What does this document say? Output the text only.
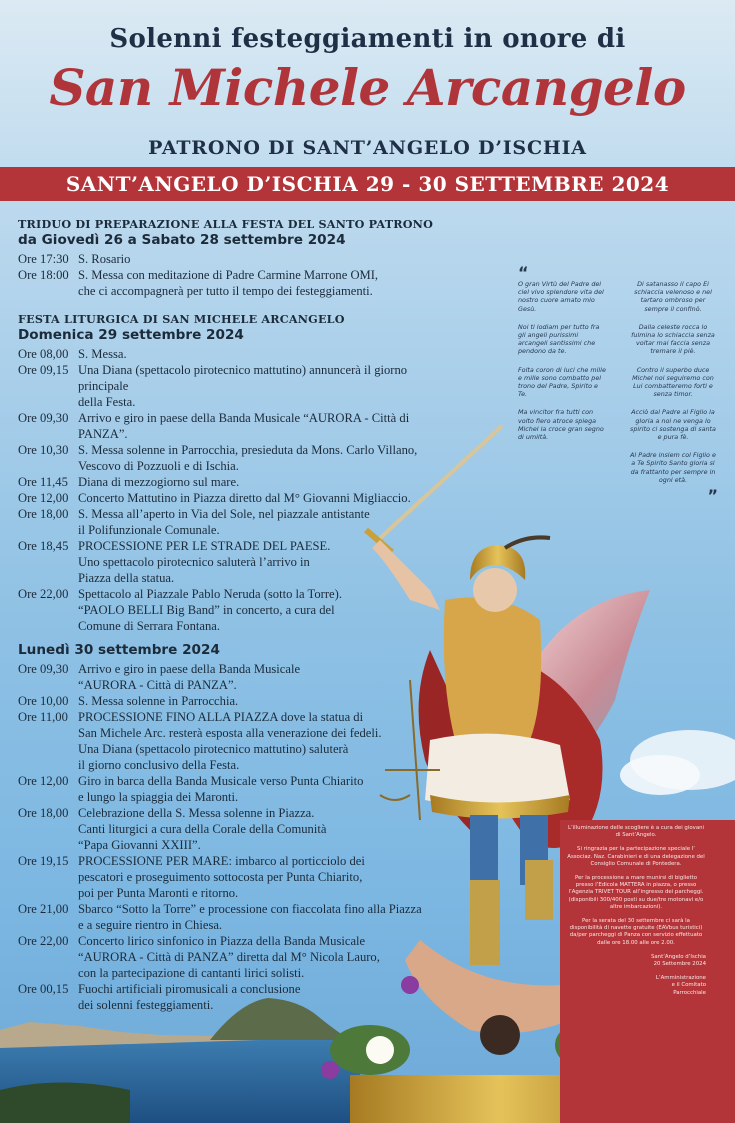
Solenni festeggiamenti in onore di
San Michele Arcangelo
PATRONO DI SANT’ANGELO D’ISCHIA
SANT’ANGELO D’ISCHIA 29 - 30 SETTEMBRE 2024
TRIDUO DI PREPARAZIONE ALLA FESTA DEL SANTO PATRONO
da Giovedì 26 a Sabato 28 settembre 2024
Ore 17:30 S. Rosario
Ore 18:00 S. Messa con meditazione di Padre Carmine Marrone OMI,
che ci accompagnerà per tutto il tempo dei festeggiamenti.
FESTA LITURGICA DI SAN MICHELE ARCANGELO
Domenica 29 settembre 2024
Ore 08,00 S. Messa.
Ore 09,15 Una Diana (spettacolo pirotecnico mattutino) annuncerà il giorno principale
della Festa.
Ore 09,30 Arrivo e giro in paese della Banda Musicale “AURORA - Città di PANZA”.
Ore 10,30 S. Messa solenne in Parrocchia, presieduta da Mons. Carlo Villano,
Vescovo di Pozzuoli e di Ischia.
Ore 11,45 Diana di mezzogiorno sul mare.
Ore 12,00 Concerto Mattutino in Piazza diretto dal M° Giovanni Migliaccio.
Ore 18,00 S. Messa all’aperto in Via del Sole, nel piazzale antistante
il Polifunzionale Comunale.
Ore 18,45 PROCESSIONE PER LE STRADE DEL PAESE.
Uno spettacolo pirotecnico saluterà l’arrivo in
Piazza della statua.
Ore 22,00 Spettacolo al Piazzale Pablo Neruda (sotto la Torre).
“PAOLO BELLI Big Band” in concerto, a cura del
Comune di Serrara Fontana.
Lunedì 30 settembre 2024
Ore 09,30 Arrivo e giro in paese della Banda Musicale
“AURORA - Città di PANZA”.
Ore 10,00 S. Messa solenne in Parrocchia.
Ore 11,00 PROCESSIONE FINO ALLA PIAZZA dove la statua di
San Michele Arc. resterà esposta alla venerazione dei fedeli.
Una Diana (spettacolo pirotecnico mattutino) saluterà
il giorno conclusivo della Festa.
Ore 12,00 Giro in barca della Banda Musicale verso Punta Chiarito
e lungo la spiaggia dei Maronti.
Ore 18,00 Celebrazione della S. Messa solenne in Piazza.
Canti liturgici a cura della Corale della Comunità
“Papa Giovanni XXIII”.
Ore 19,15 PROCESSIONE PER MARE: imbarco al porticciolo dei
pescatori e proseguimento sottocosta per Punta Chiarito,
poi per Punta Maronti e ritorno.
Ore 21,00 Sbarco “Sotto la Torre” e processione con fiaccolata fino alla Piazza
e a seguire rientro in Chiesa.
Ore 22,00 Concerto lirico sinfonico in Piazza della Banda Musicale
“AURORA - Città di PANZA” diretta dal M° Nicola Lauro,
con la partecipazione di cantanti lirici solisti.
Ore 00,15 Fuochi artificiali piromusicali a conclusione
dei solenni festeggiamenti.
“
O gran Virtù del Padre dei ciel vivo splendore vita del nostro cuore amato mio Gesù.
Noi ti lodiam per tutto fra gli angeli purissimi arcangeli santissimi che pendono da te.
Folta coron di luci che mille e mille sono combatto pel trono del Padre, Spirito e Te.
Ma vincitor fra tutti con volto fiero atroce spiega Michel la croce gran segno di umiltà.
Di satanasso il capo Ei schiaccia velenoso e nel tartaro ombroso per sempre il confinò.
Dalla celeste rocca lo fulmina lo schiaccia senza voltar mai faccia senza tremare il piè.
Contro il superbo duce Michel noi seguiremo con Lui combatteremo forti e senza timor.
Acciò dal Padre al Figlio la gloria a noi ne venga lo spirito ci sostenga di santa e pura fè.
Al Padre insiem col Figlio e a Te Spirito Santo gloria si da frattanto per sempre in ogni età.
”
L’illuminazione delle scogliere è a cura dei giovani di Sant’Angelo.
Si ringrazia per la partecipazione speciale l’ Associaz. Naz. Carabinieri e di una delegazione del Consiglio Comunale di Pontedera.
Per la processione a mare munirsi di biglietto presso l’Edicola MATTERA in piazza, o presso l’Agenzia TRIVET TOUR all’ingresso dei parcheggi. (disponibili 300/400 posti su due/tre motonavi e/o altre imbarcazioni).
Per la serata del 30 settembre ci sarà la disponibilità di navette gratuite (EAVbus turistici) da/per parcheggi di Panza con servizio effettuato dalle ore 18.00 alle ore 2.00.
Sant’Angelo d’Ischia
20 Settembre 2024
L’Amministrazione
e il Comitato
Parrocchiale
